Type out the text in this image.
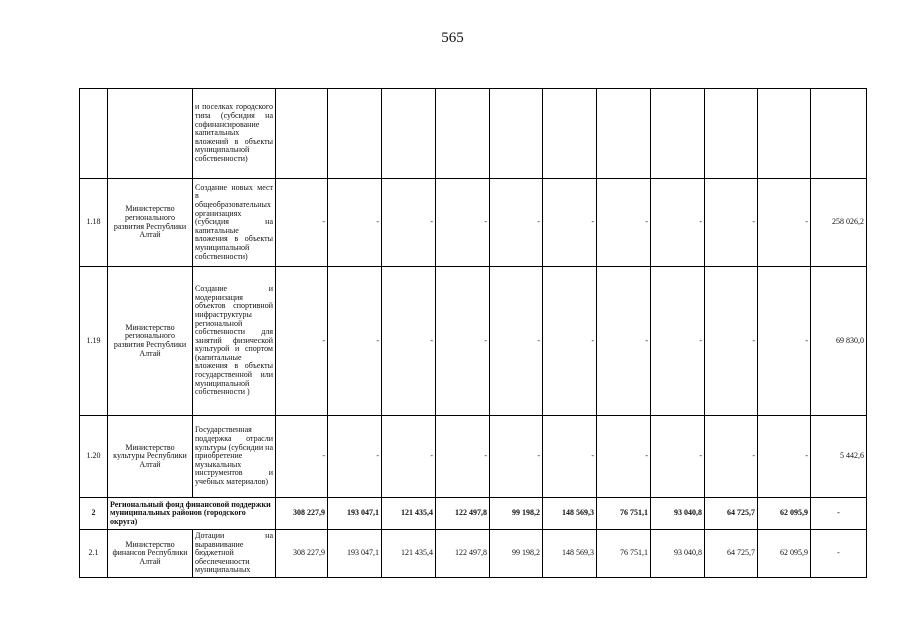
565
		и поселках городского типа (субсидия на софинансирование капитальных вложений в объекты муниципальной собственности)											
1.18	Министерство регионального развития Республики Алтай	Создание новых мест в общеобразовательных организациях (субсидия на капитальные вложения в объекты муниципальной собственности)	-	-	-	-	-	-	-	-	-	-	258 026,2
1.19	Министерство регионального развития Республики Алтай	Создание и модернизация объектов спортивной инфраструктуры региональной собственности для занятий физической культурой и спортом (капитальные вложения в объекты государственной или муниципальной собственности )	-	-	-	-	-	-	-	-	-	-	69 830,0
1.20	Министерство культуры Республики Алтай	Государственная поддержка отрасли культуры (субсидии на приобретение музыкальных инструментов и учебных материалов)	-	-	-	-	-	-	-	-	-	-	5 442,6
2	Региональный фонд финансовой поддержки муниципальных районов (городского округа)		308 227,9	193 047,1	121 435,4	122 497,8	99 198,2	148 569,3	76 751,1	93 040,8	64 725,7	62 095,9	-
2.1	Министерство финансов Республики Алтай	Дотации на выравнивание бюджетной обеспеченности муниципальных	308 227,9	193 047,1	121 435,4	122 497,8	99 198,2	148 569,3	76 751,1	93 040,8	64 725,7	62 095,9	-
